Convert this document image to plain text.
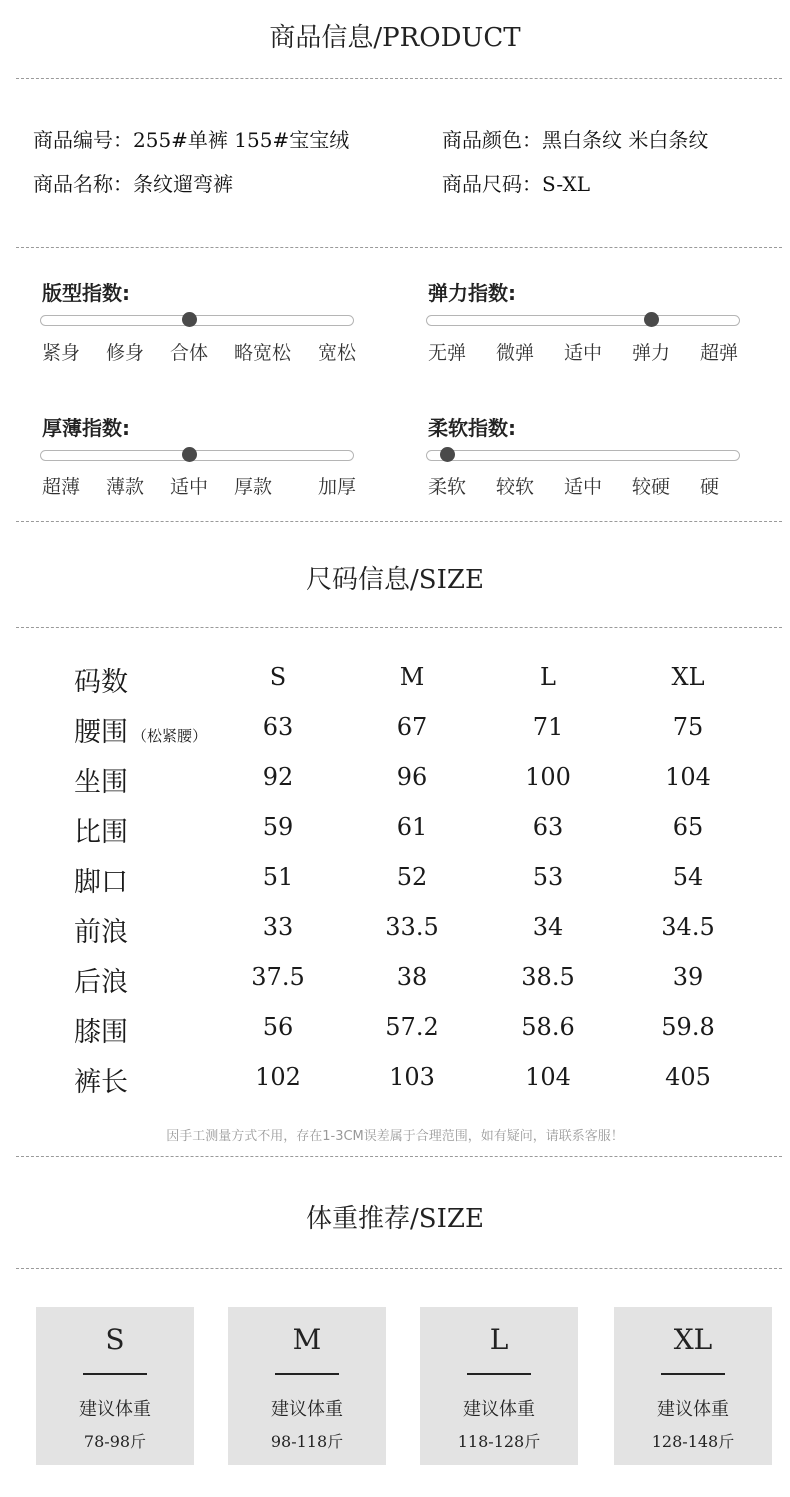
商品信息/PRODUCT
商品编号：255#单裤 155#宝宝绒	商品颜色：黑白条纹 米白条纹
商品名称：条纹遛弯裤	商品尺码：S-XL
版型指数:
紧身 修身 合体 略宽松 宽松
弹力指数:
无弹 微弹 适中 弹力 超弹
厚薄指数:
超薄 薄款 适中 厚款 加厚
柔软指数:
柔软 较软 适中 较硬 硬
尺码信息/SIZE
码数	S	M	L	XL
腰围 （松紧腰）	63	67	71	75
坐围	92	96	100	104
比围	59	61	63	65
脚口	51	52	53	54
前浪	33	33.5	34	34.5
后浪	37.5	38	38.5	39
膝围	56	57.2	58.6	59.8
裤长	102	103	104	405
因手工测量方式不用，存在1-3CM误差属于合理范围，如有疑问，请联系客服！
体重推荐/SIZE
S
建议体重
78-98斤
M
建议体重
98-118斤
L
建议体重
118-128斤
XL
建议体重
128-148斤
